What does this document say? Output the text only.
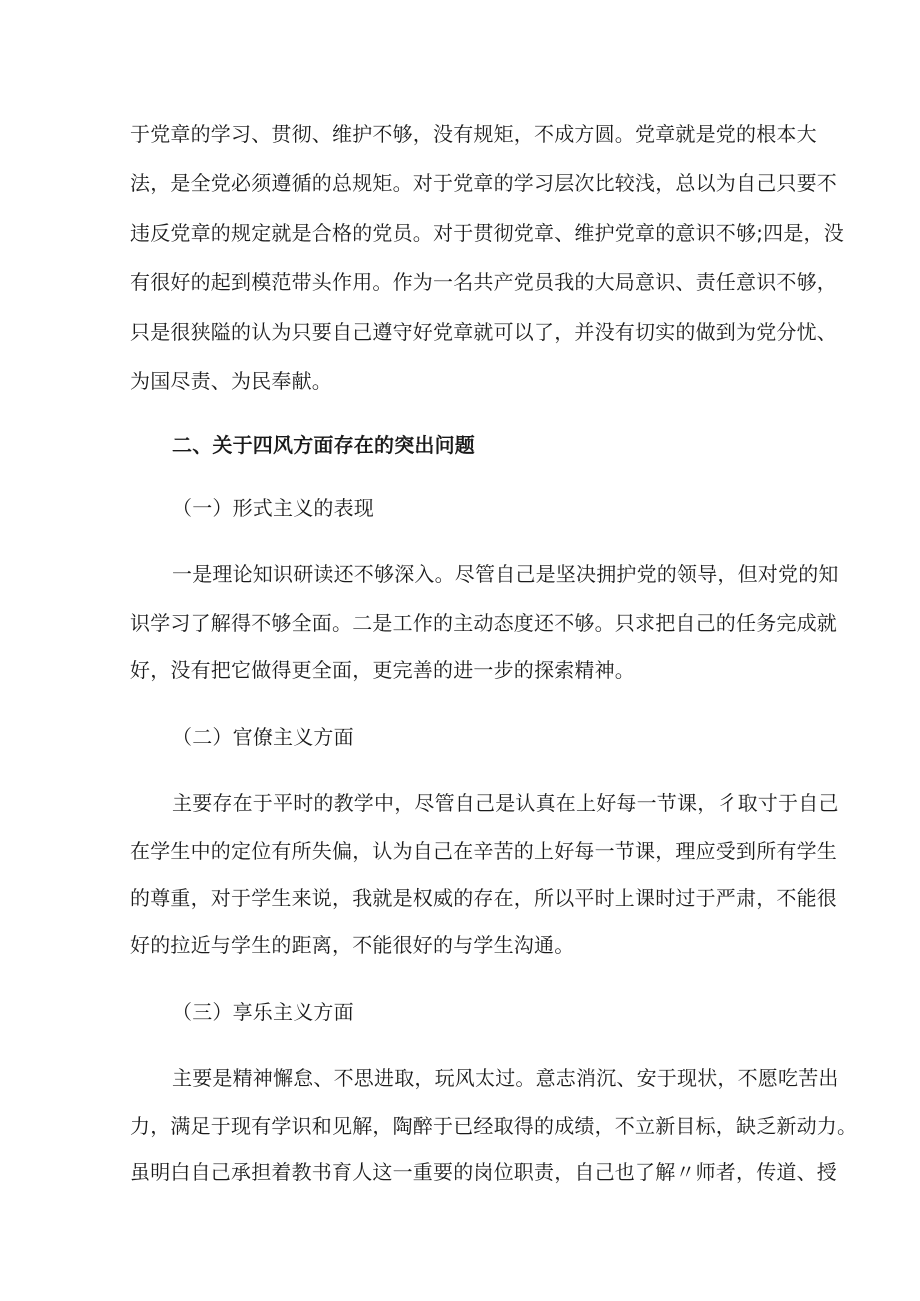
于党章的学习、贯彻、维护不够，没有规矩，不成方圆。党章就是党的根本大
法，是全党必须遵循的总规矩。对于党章的学习层次比较浅，总以为自己只要不
违反党章的规定就是合格的党员。对于贯彻党章、维护党章的意识不够;四是，没
有很好的起到模范带头作用。作为一名共产党员我的大局意识、责任意识不够，
只是很狭隘的认为只要自己遵守好党章就可以了，并没有切实的做到为党分忧、
为国尽责、为民奉献。
二、关于四风方面存在的突出问题
（一）形式主义的表现
一是理论知识研读还不够深入。尽管自己是坚决拥护党的领导，但对党的知
识学习了解得不够全面。二是工作的主动态度还不够。只求把自己的任务完成就
好，没有把它做得更全面，更完善的进一步的探索精神。
（二）官僚主义方面
主要存在于平时的教学中，尽管自己是认真在上好每一节课，彳取寸于自己
在学生中的定位有所失偏，认为自己在辛苦的上好每一节课，理应受到所有学生
的尊重，对于学生来说，我就是权威的存在，所以平时上课时过于严肃，不能很
好的拉近与学生的距离，不能很好的与学生沟通。
（三）享乐主义方面
主要是精神懈怠、不思进取，玩风太过。意志消沉、安于现状，不愿吃苦出
力，满足于现有学识和见解，陶醉于已经取得的成绩，不立新目标，缺乏新动力。
虽明白自己承担着教书育人这一重要的岗位职责，自己也了解〃师者，传道、授
